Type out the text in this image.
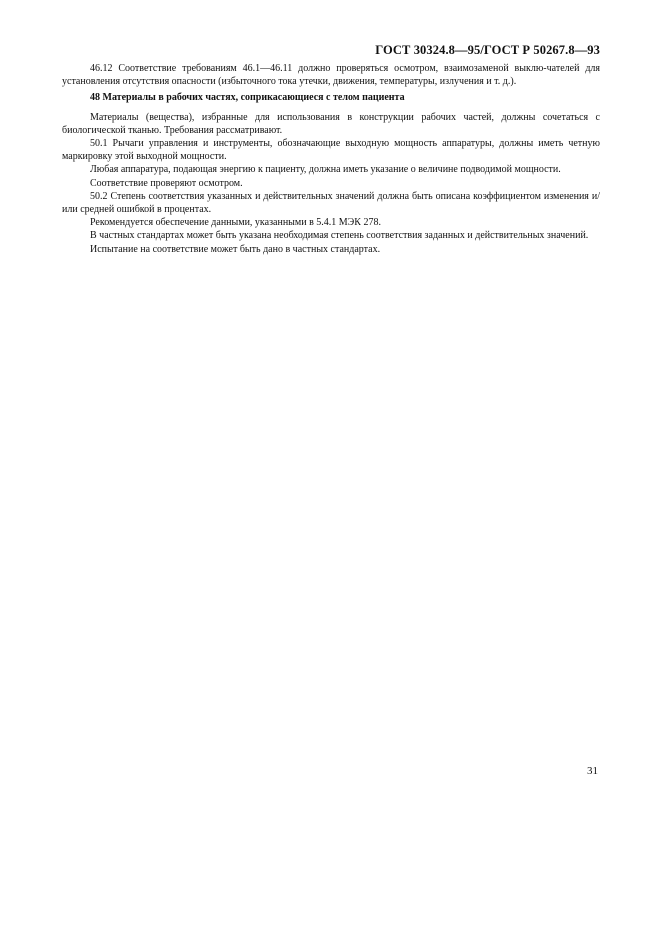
ГОСТ 30324.8—95/ГОСТ Р 50267.8—93

46.12 Соответствие требованиям 46.1—46.11 должно проверяться осмотром, взаимозаменой выклю-чателей для установления отсутствия опасности (избыточного тока утечки, движения, температуры, излучения и т. д.).

48 Материалы в рабочих частях, соприкасающиеся с телом пациента

Материалы (вещества), избранные для использования в конструкции рабочих частей, должны сочетаться с биологической тканью. Требования рассматривают.

50.1 Рычаги управления и инструменты, обозначающие выходную мощность аппаратуры, должны иметь четную маркировку этой выходной мощности.

Любая аппаратура, подающая энергию к пациенту, должна иметь указание о величине подводимой мощности.

Соответствие проверяют осмотром.

50.2 Степень соответствия указанных и действительных значений должна быть описана коэффициентом изменения и/или средней ошибкой в процентах.

Рекомендуется обеспечение данными, указанными в 5.4.1 МЭК 278.

В частных стандартах может быть указана необходимая степень соответствия заданных и действительных значений.

Испытание на соответствие может быть дано в частных стандартах.

31
